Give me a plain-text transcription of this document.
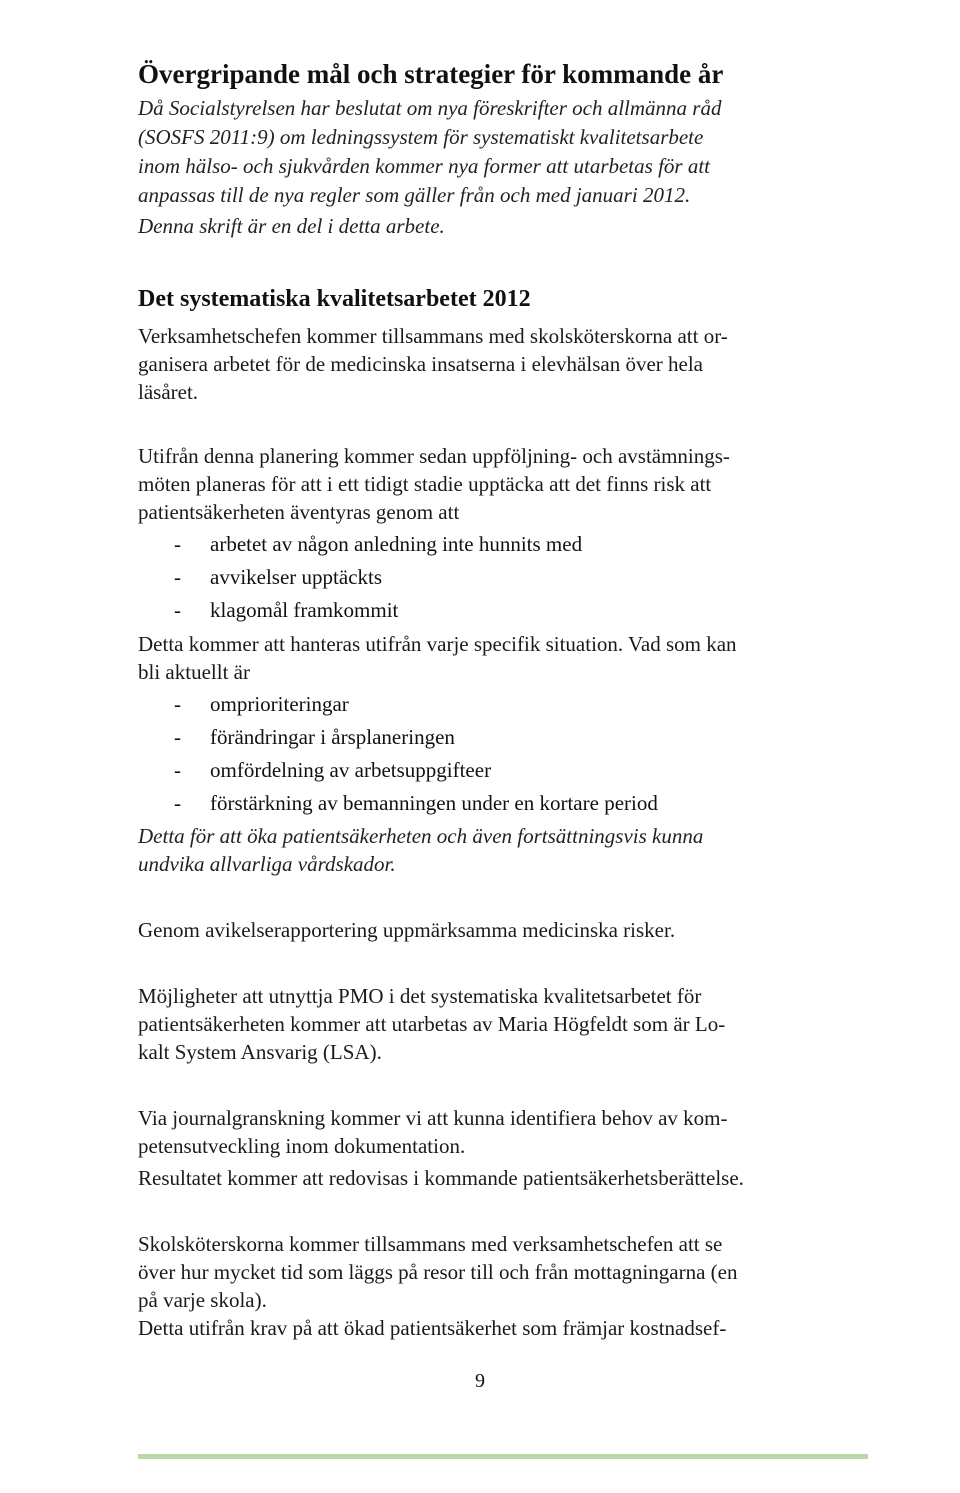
Övergripande mål och strategier för kommande år

Då Socialstyrelsen har beslutat om nya föreskrifter och allmänna råd

(SOSFS 2011:9) om ledningssystem för systematiskt kvalitetsarbete

inom hälso- och sjukvården kommer nya former att utarbetas för att

anpassas till de nya regler som gäller från och med januari 2012.

Denna skrift är en del i detta arbete.

Det systematiska kvalitetsarbetet 2012

Verksamhetschefen kommer tillsammans med skolsköterskorna att or-

ganisera arbetet för de medicinska insatserna i elevhälsan över hela

läsåret.

Utifrån denna planering kommer sedan uppföljning- och avstämnings-

möten planeras för att i ett tidigt stadie upptäcka att det finns risk att

patientsäkerheten äventyras genom att

- arbetet av någon anledning inte hunnits med
- avvikelser upptäckts
- klagomål framkommit

Detta kommer att hanteras utifrån varje specifik situation. Vad som kan

bli aktuellt är

- omprioriteringar
- förändringar i årsplaneringen
- omfördelning av arbetsuppgifteer
- förstärkning av bemanningen under en kortare period

Detta för att öka patientsäkerheten och även fortsättningsvis kunna

undvika allvarliga vårdskador.

Genom avikelserapportering uppmärksamma medicinska risker.

Möjligheter att utnyttja PMO i det systematiska kvalitetsarbetet för

patientsäkerheten kommer att utarbetas av Maria Högfeldt som är Lo-

kalt System Ansvarig (LSA).

Via journalgranskning kommer vi att kunna identifiera behov av kom-

petensutveckling inom dokumentation.

Resultatet kommer att redovisas i kommande patientsäkerhetsberättelse.

Skolsköterskorna kommer tillsammans med verksamhetschefen att se

över hur mycket tid som läggs på resor till och från mottagningarna (en

på varje skola).

Detta utifrån krav på att ökad patientsäkerhet som främjar kostnadsef-

9
